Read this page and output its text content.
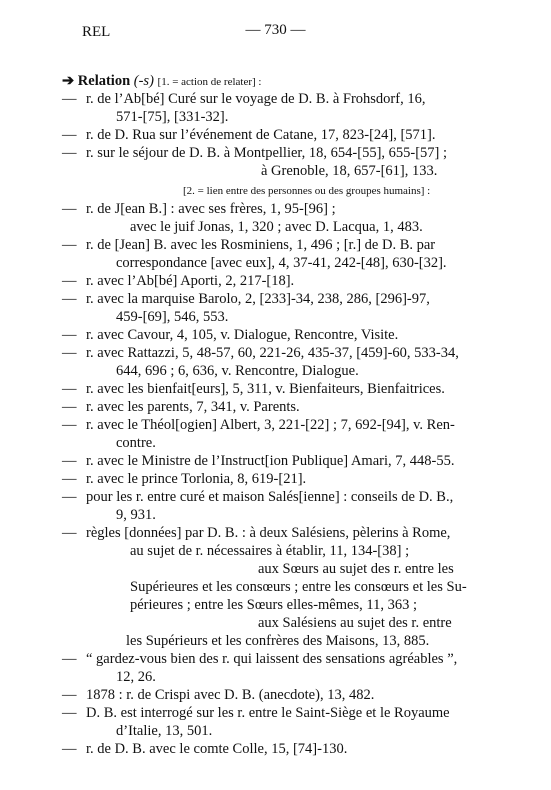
REL	— 730 —
➔ Relation (-s) [1. = action de relater] :
— r. de l’Ab[bé] Curé sur le voyage de D. B. à Frohsdorf, 16,
571-[75], [331-32].
— r. de D. Rua sur l’événement de Catane, 17, 823-[24], [571].
— r. sur le séjour de D. B. à Montpellier, 18, 654-[55], 655-[57] ;
à Grenoble, 18, 657-[61], 133.
[2. = lien entre des personnes ou des groupes humains] :
— r. de J[ean B.] : avec ses frères, 1, 95-[96] ;
avec le juif Jonas, 1, 320 ; avec D. Lacqua, 1, 483.
— r. de [Jean] B. avec les Rosminiens, 1, 496 ; [r.] de D. B. par
correspondance [avec eux], 4, 37-41, 242-[48], 630-[32].
— r. avec l’Ab[bé] Aporti, 2, 217-[18].
— r. avec la marquise Barolo, 2, [233]-34, 238, 286, [296]-97,
459-[69], 546, 553.
— r. avec Cavour, 4, 105, v. Dialogue, Rencontre, Visite.
— r. avec Rattazzi, 5, 48-57, 60, 221-26, 435-37, [459]-60, 533-34,
644, 696 ; 6, 636, v. Rencontre, Dialogue.
— r. avec les bienfait[eurs], 5, 311, v. Bienfaiteurs, Bienfaitrices.
— r. avec les parents, 7, 341, v. Parents.
— r. avec le Théol[ogien] Albert, 3, 221-[22] ; 7, 692-[94], v. Ren-
contre.
— r. avec le Ministre de l’Instruct[ion Publique] Amari, 7, 448-55.
— r. avec le prince Torlonia, 8, 619-[21].
— pour les r. entre curé et maison Salés[ienne] : conseils de D. B.,
9, 931.
— règles [données] par D. B. : à deux Salésiens, pèlerins à Rome,
au sujet de r. nécessaires à établir, 11, 134-[38] ;
aux Sœurs au sujet des r. entre les
Supérieures et les consœurs ; entre les consœurs et les Su-
périeures ; entre les Sœurs elles-mêmes, 11, 363 ;
aux Salésiens au sujet des r. entre
les Supérieurs et les confrères des Maisons, 13, 885.
— “ gardez-vous bien des r. qui laissent des sensations agréables ”,
12, 26.
— 1878 : r. de Crispi avec D. B. (anecdote), 13, 482.
— D. B. est interrogé sur les r. entre le Saint-Siège et le Royaume
d’Italie, 13, 501.
— r. de D. B. avec le comte Colle, 15, [74]-130.
